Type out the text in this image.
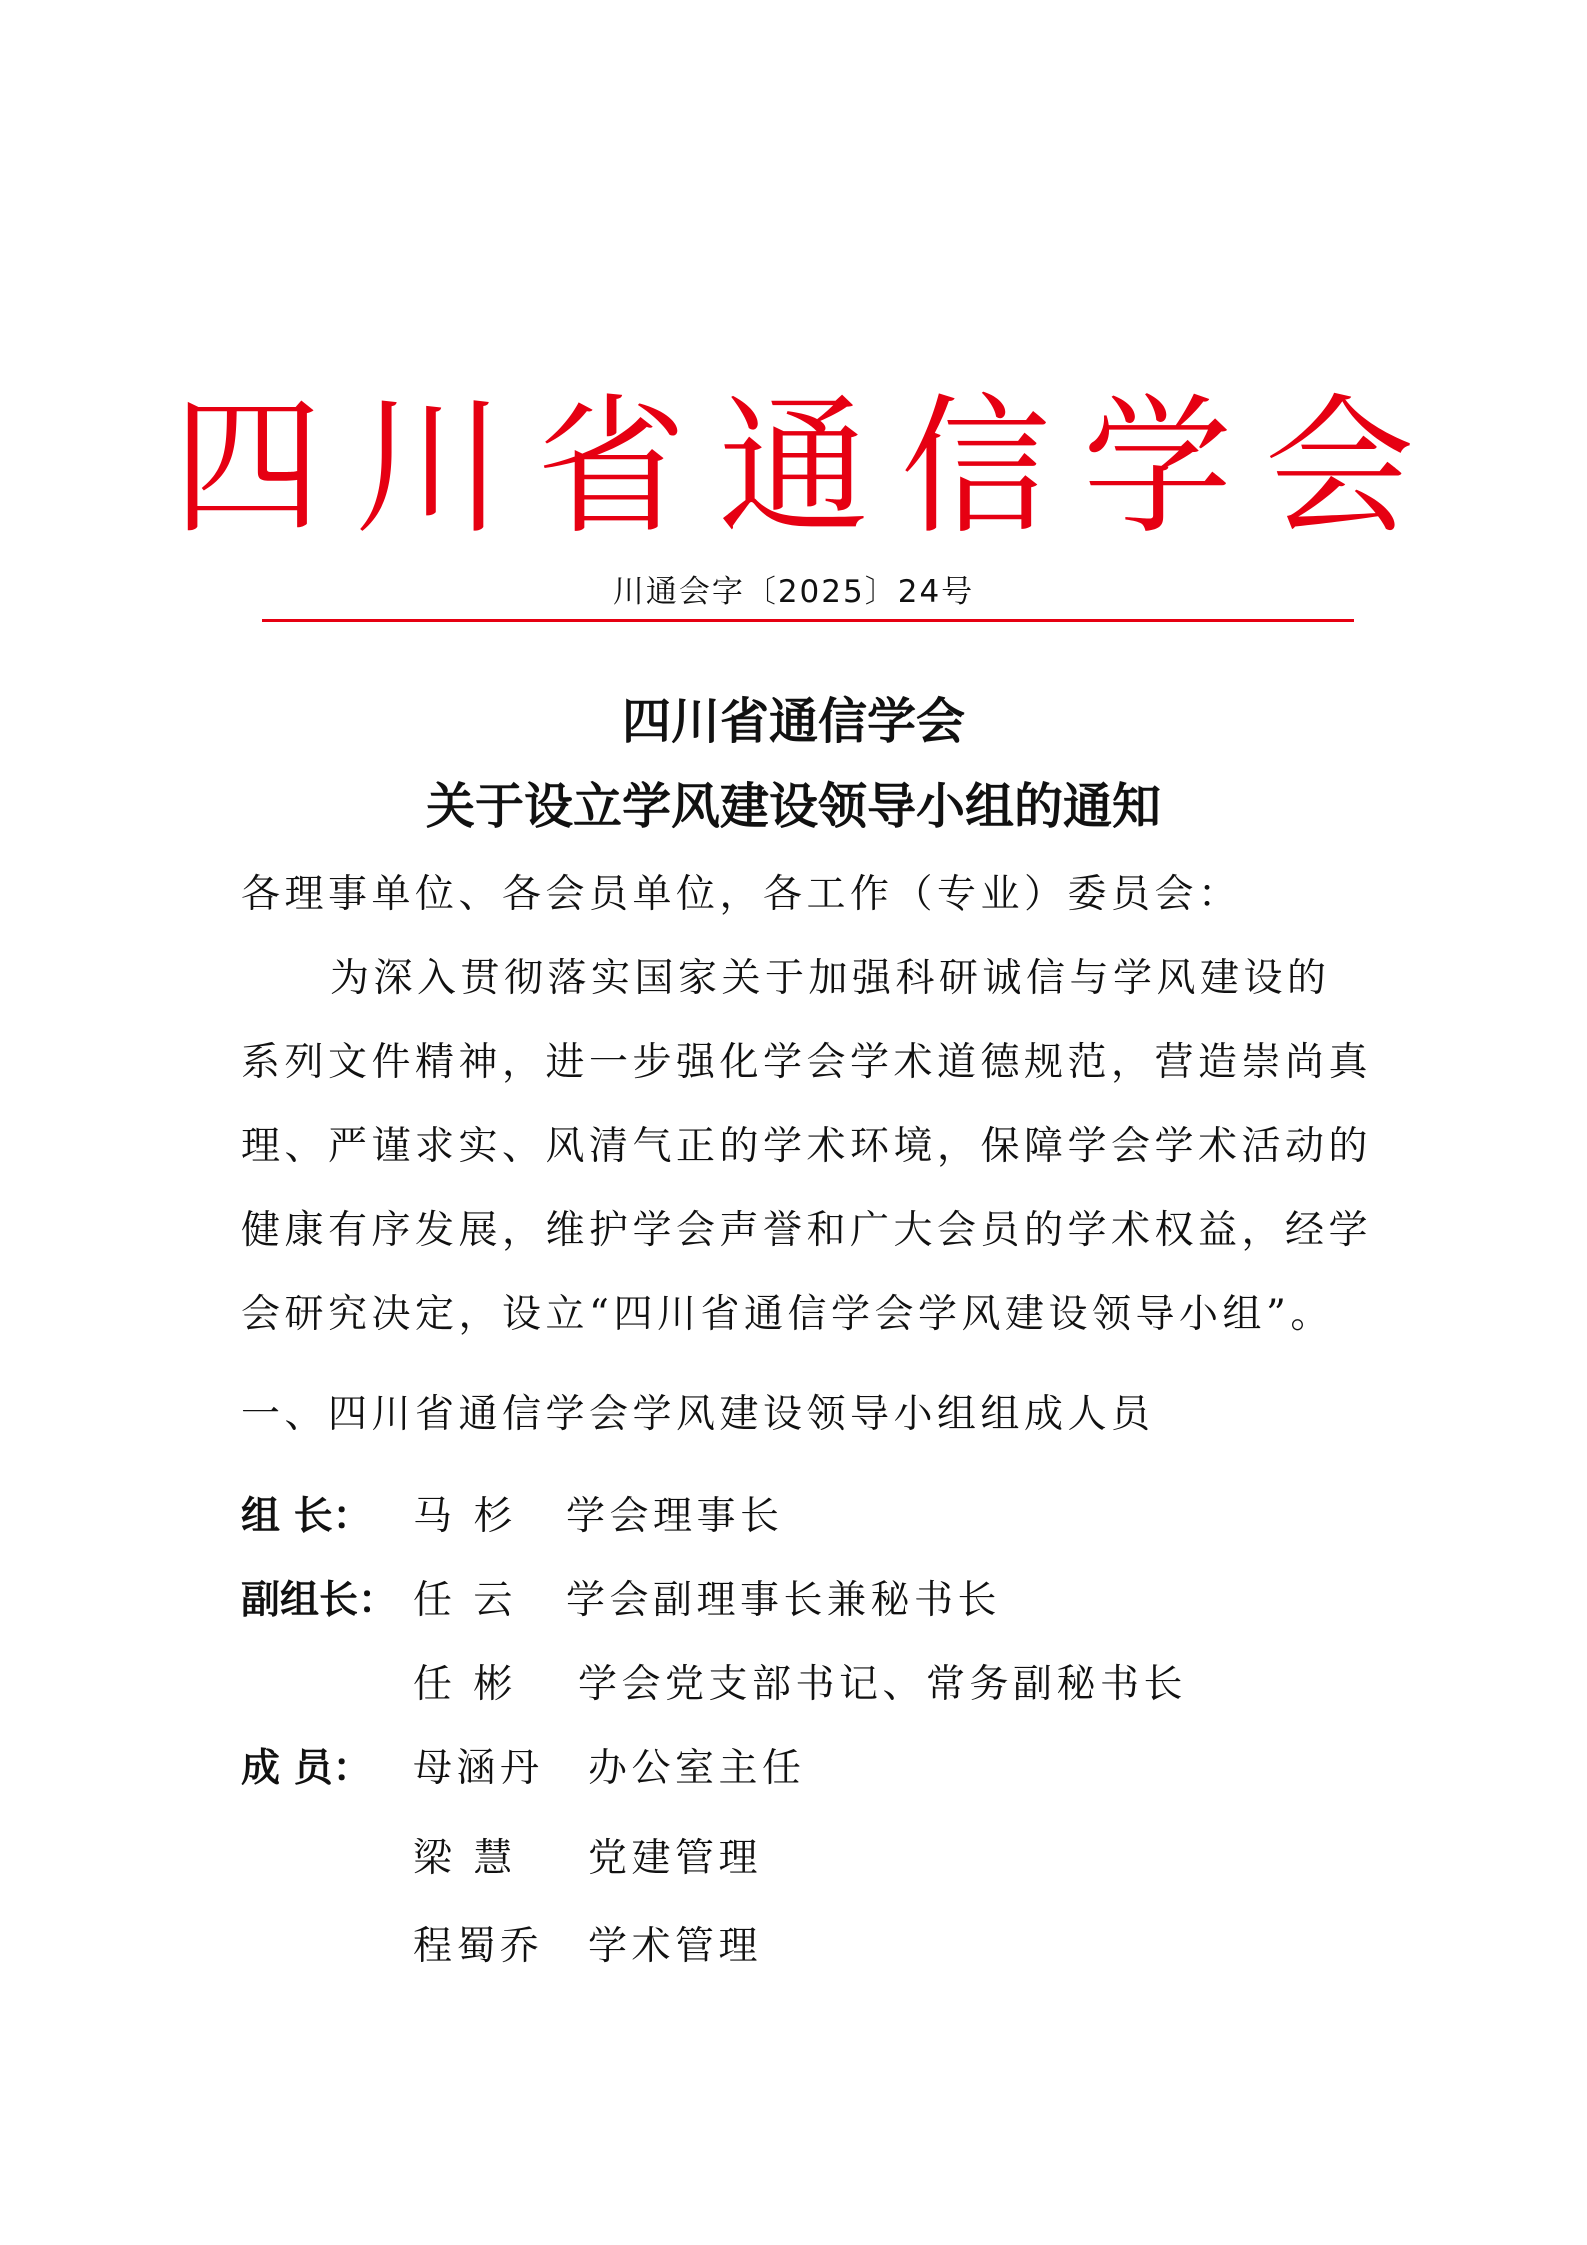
四川省通信学会
川通会字〔2025〕24号
四川省通信学会
关于设立学风建设领导小组的通知
各理事单位、各会员单位，各工作（专业）委员会：
为深入贯彻落实国家关于加强科研诚信与学风建设的
系列文件精神，进一步强化学会学术道德规范，营造崇尚真
理、严谨求实、风清气正的学术环境，保障学会学术活动的
健康有序发展，维护学会声誉和广大会员的学术权益，经学
会研究决定，设立“四川省通信学会学风建设领导小组”。
一、四川省通信学会学风建设领导小组组成人员
组 长： 马 杉 学会理事长
副组长： 任 云 学会副理事长兼秘书长
任 彬 学会党支部书记、常务副秘书长
成 员： 母涵丹 办公室主任
梁 慧 党建管理
程蜀乔 学术管理
